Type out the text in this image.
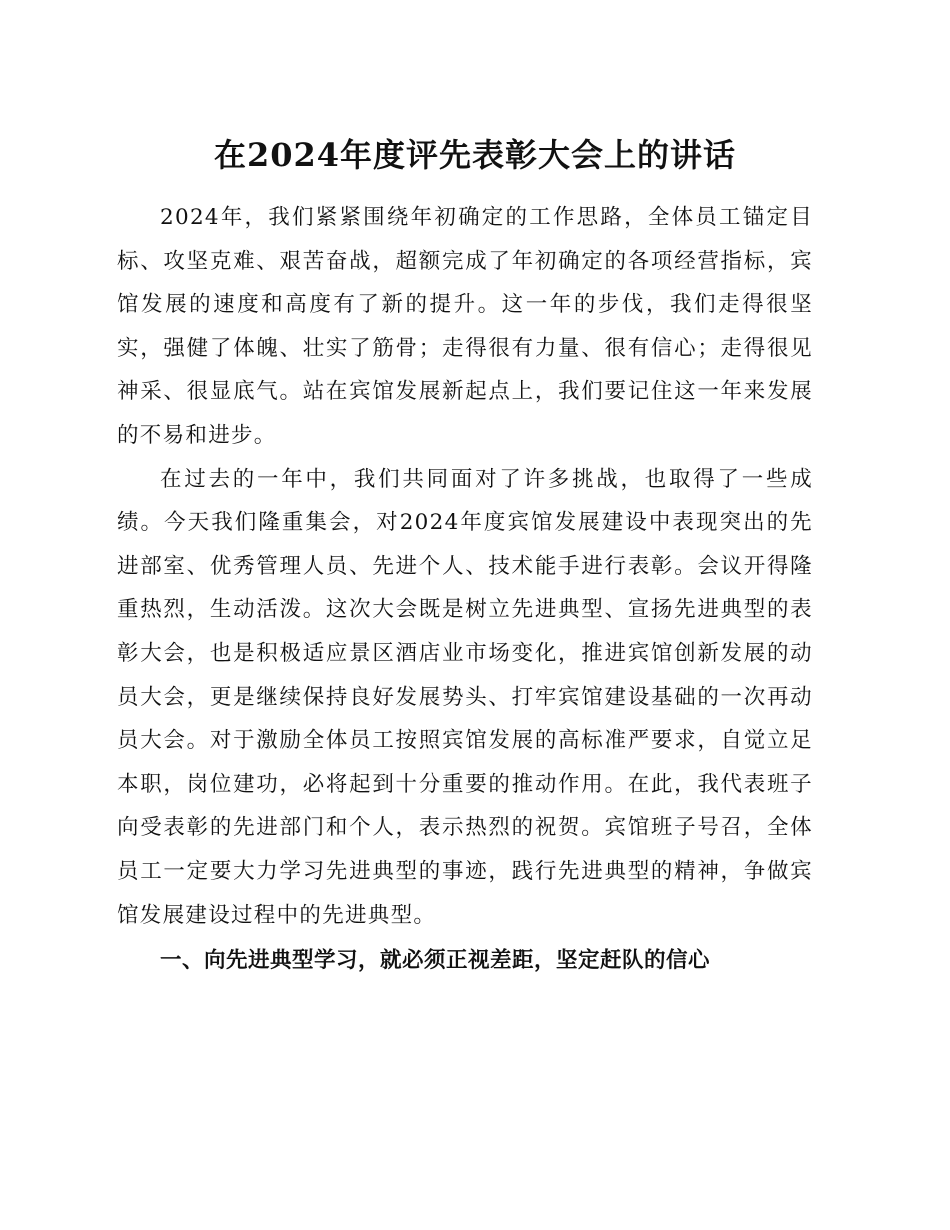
在2024年度评先表彰大会上的讲话

2024年，我们紧紧围绕年初确定的工作思路，全体员工锚定目标、攻坚克难、艰苦奋战，超额完成了年初确定的各项经营指标，宾馆发展的速度和高度有了新的提升。这一年的步伐，我们走得很坚实，强健了体魄、壮实了筋骨；走得很有力量、很有信心；走得很见神采、很显底气。站在宾馆发展新起点上，我们要记住这一年来发展的不易和进步。

在过去的一年中，我们共同面对了许多挑战，也取得了一些成绩。今天我们隆重集会，对2024年度宾馆发展建设中表现突出的先进部室、优秀管理人员、先进个人、技术能手进行表彰。会议开得隆重热烈，生动活泼。这次大会既是树立先进典型、宣扬先进典型的表彰大会，也是积极适应景区酒店业市场变化，推进宾馆创新发展的动员大会，更是继续保持良好发展势头、打牢宾馆建设基础的一次再动员大会。对于激励全体员工按照宾馆发展的高标准严要求，自觉立足本职，岗位建功，必将起到十分重要的推动作用。在此，我代表班子向受表彰的先进部门和个人，表示热烈的祝贺。宾馆班子号召，全体员工一定要大力学习先进典型的事迹，践行先进典型的精神，争做宾馆发展建设过程中的先进典型。

一、向先进典型学习，就必须正视差距，坚定赶队的信心
